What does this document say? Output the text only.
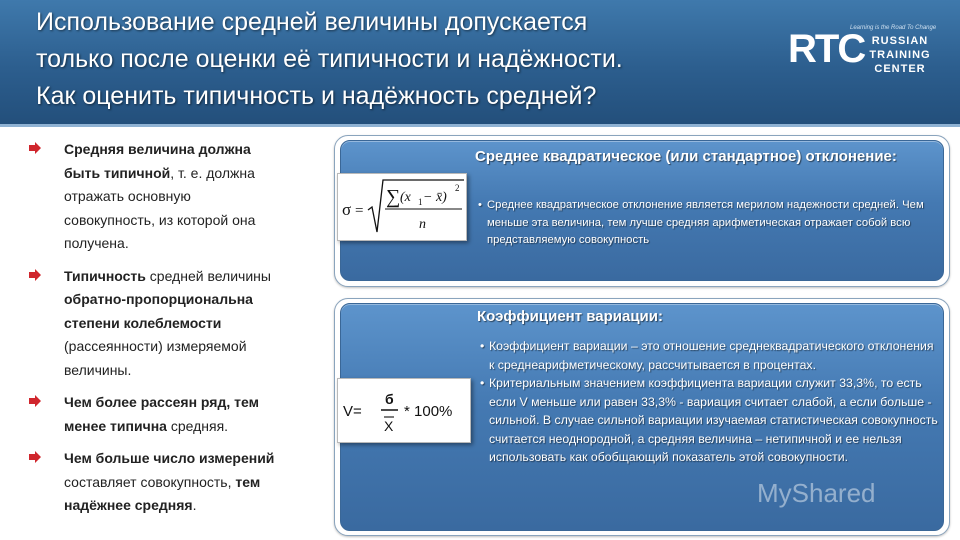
Использование средней величины допускается
только после оценки её типичности и надёжности.
Как оценить типичность и надёжность средней?
RTC
Learning is the Road To Change
RUSSIAN
TRAINING
CENTER
Средняя величина должна
быть типичной, т. е. должна
отражать основную
совокупность, из которой она
получена.
Типичность средней величины
обратно-пропорциональна
степени колеблемости
(рассеянности) измеряемой
величины.
Чем более рассеян ряд, тем
менее типична средняя.
Чем больше число измерений
составляет совокупность, тем
надёжнее средняя.
Среднее квадратическое (или стандартное) отклонение:
• Среднее квадратическое отклонение является мерилом надежности средней. Чем меньше эта величина, тем лучше средняя арифметическая отражает собой всю представляемую совокупность
σ =
∑ (x 1 − x̄)
2
n
Коэффициент вариации:
• Коэффициент вариации – это отношение среднеквадратического отклонения к среднеарифметическому, рассчитывается в процентах.
• Критериальным значением коэффициента вариации служит 33,3%, то есть если V меньше или равен 33,3% - вариация считает слабой, а если больше - сильной. В случае сильной вариации изучаемая статистическая совокупность считается неоднородной, а средняя величина – нетипичной и ее нельзя использовать как обобщающий показатель этой совокупности.
V=
б
X
* 100%
MyShared
